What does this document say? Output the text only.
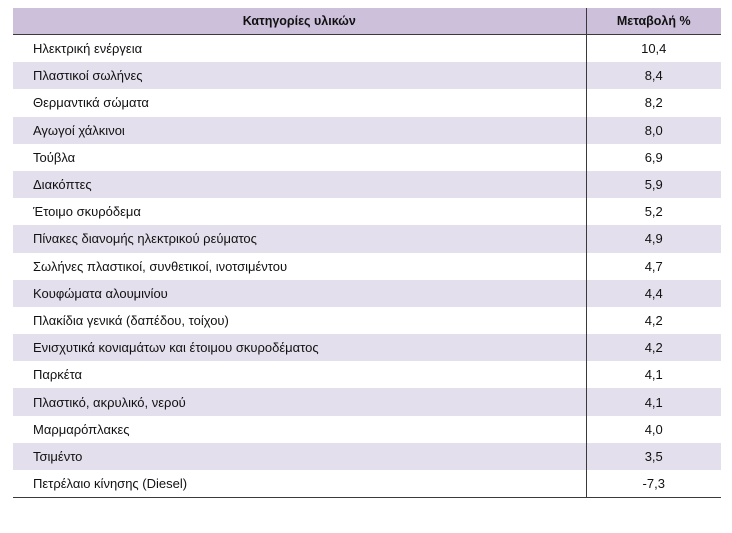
Κατηγορίες υλικών	Μεταβολή %
Ηλεκτρική ενέργεια	10,4
Πλαστικοί σωλήνες	8,4
Θερμαντικά σώματα	8,2
Αγωγοί χάλκινοι	8,0
Τούβλα	6,9
Διακόπτες	5,9
Έτοιμο σκυρόδεμα	5,2
Πίνακες διανομής ηλεκτρικού ρεύματος	4,9
Σωλήνες πλαστικοί, συνθετικοί, ινοτσιμέντου	4,7
Κουφώματα αλουμινίου	4,4
Πλακίδια γενικά (δαπέδου, τοίχου)	4,2
Ενισχυτικά κονιαμάτων και έτοιμου σκυροδέματος	4,2
Παρκέτα	4,1
Πλαστικό, ακρυλικό, νερού	4,1
Μαρμαρόπλακες	4,0
Τσιμέντο	3,5
Πετρέλαιο κίνησης (Diesel)	-7,3
